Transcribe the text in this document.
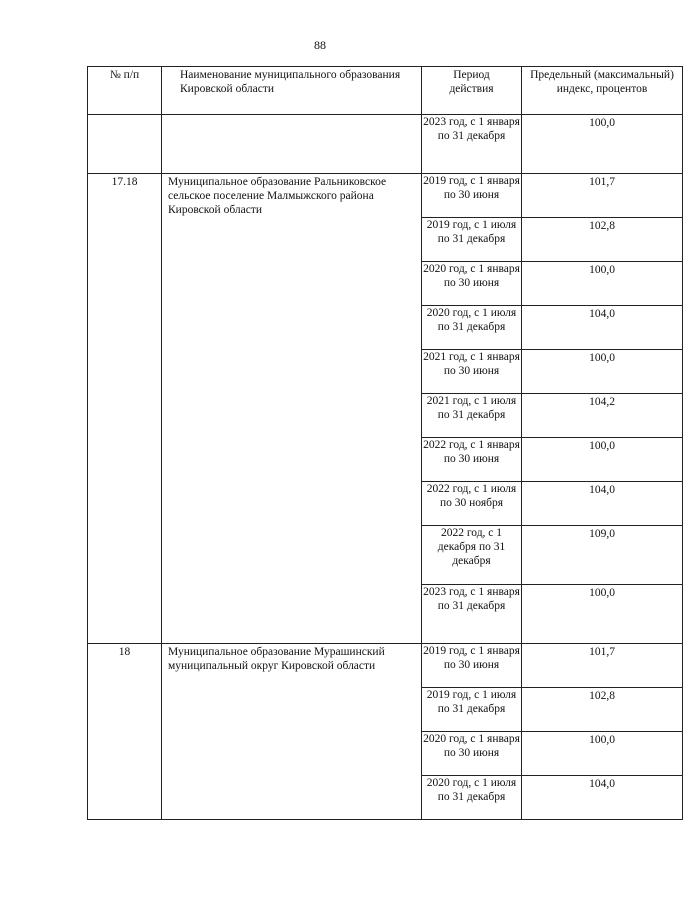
88
№ п/п	Наименование муниципального образования Кировской области	Период действия	Предельный (максимальный) индекс, процентов
		2023 год, с 1 января по 31 декабря	100,0
17.18	Муниципальное образование Ральниковское сельское поселение Малмыжского района Кировской области	2019 год, с 1 января по 30 июня	101,7
		2019 год, с 1 июля по 31 декабря	102,8
		2020 год, с 1 января по 30 июня	100,0
		2020 год, с 1 июля по 31 декабря	104,0
		2021 год, с 1 января по 30 июня	100,0
		2021 год, с 1 июля по 31 декабря	104,2
		2022 год, с 1 января по 30 июня	100,0
		2022 год, с 1 июля по 30 ноября	104,0
		2022 год, с 1 декабря по 31 декабря	109,0
		2023 год, с 1 января по 31 декабря	100,0
18	Муниципальное образование Мурашинский муниципальный округ Кировской области	2019 год, с 1 января по 30 июня	101,7
		2019 год, с 1 июля по 31 декабря	102,8
		2020 год, с 1 января по 30 июня	100,0
		2020 год, с 1 июля по 31 декабря	104,0
